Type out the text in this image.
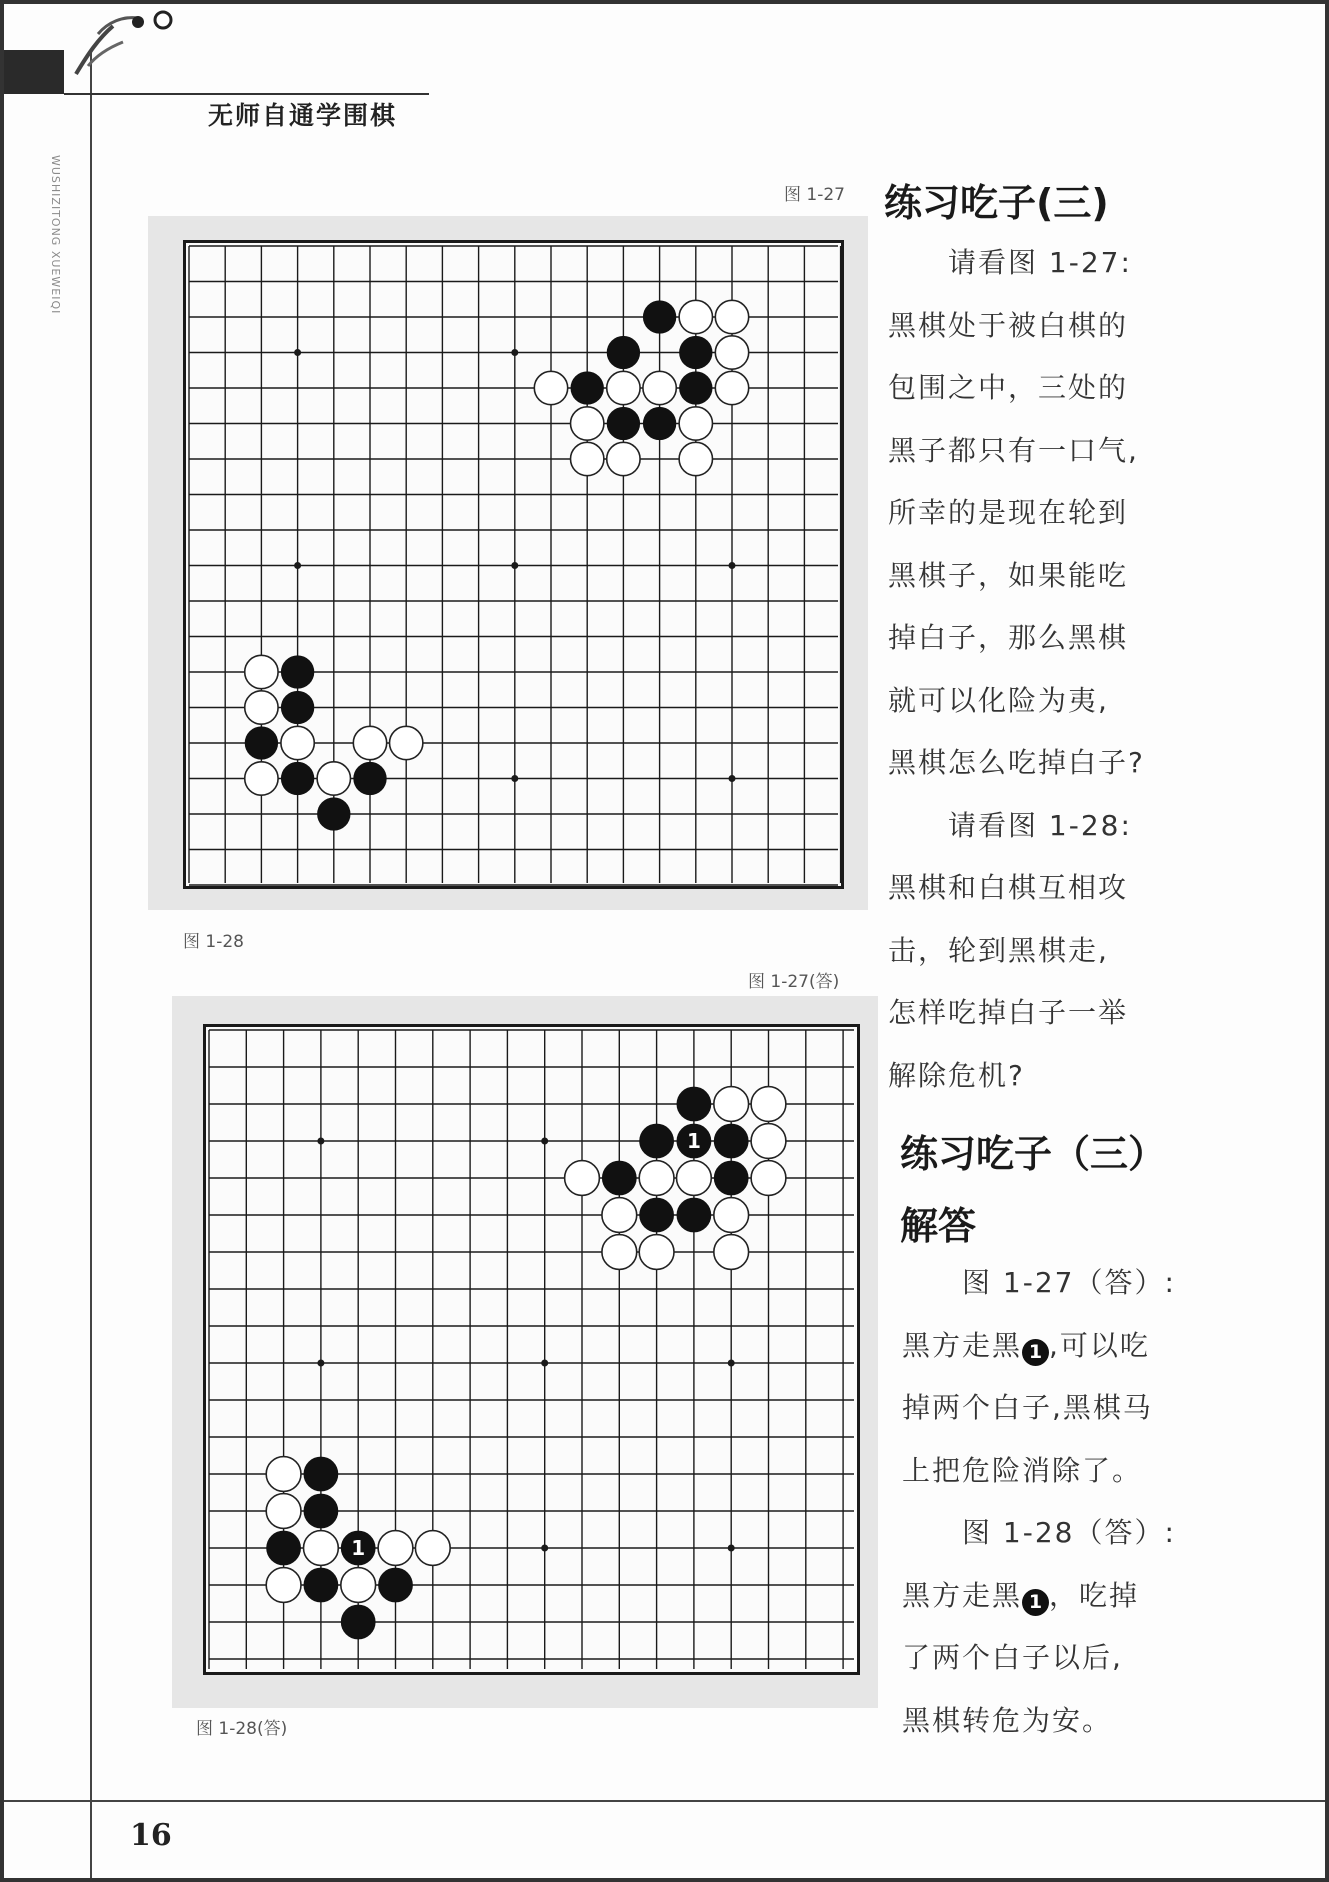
无师自通学围棋
WUSHIZITONG XUEWEIQI	图 1-27
图 1-28
1
1
图 1-27(答)
图 1-28(答)
练习吃子(三)

请看图 1-27:

黑棋处于被白棋的

包围之中，三处的

黑子都只有一口气,

所幸的是现在轮到

黑棋子，如果能吃

掉白子，那么黑棋

就可以化险为夷,

黑棋怎么吃掉白子?

请看图 1-28:

黑棋和白棋互相攻

击，轮到黑棋走,

怎样吃掉白子一举

解除危机?

练习吃子（三）
解答

图 1-27（答）:

黑方走黑 1 ,可以吃

掉两个白子,黑棋马

上把危险消除了。

图 1-28（答）:

黑方走黑 1 ，吃掉

了两个白子以后,

黑棋转危为安。

16
